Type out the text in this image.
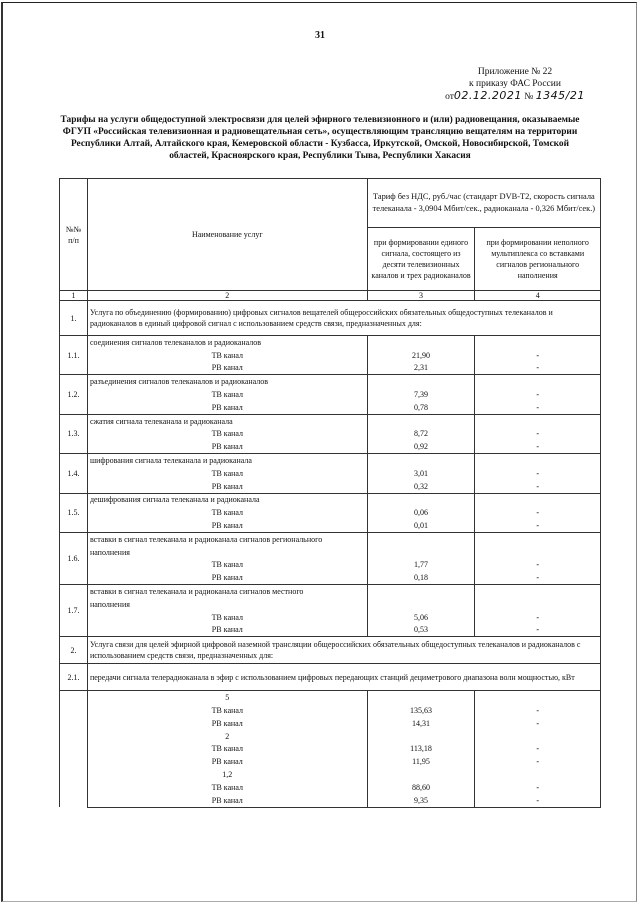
31
Приложение № 22
к приказу ФАС России
от02.12.2021 № 1345/21
Тарифы на услуги общедоступной электросвязи для целей эфирного телевизионного и (или) радиовещания, оказываемые ФГУП «Российская телевизионная и радиовещательная сеть», осуществляющим трансляцию вещателям на территории Республики Алтай, Алтайского края, Кемеровской области - Кузбасса, Иркутской, Омской, Новосибирской, Томской областей, Красноярского края, Республики Тыва, Республики Хакасия
№№ п/п	Наименование услуг	Тариф без НДС, руб./час (стандарт DVB-T2, скорость сигнала телеканала - 3,0904 Мбит/сек., радиоканала - 0,326 Мбит/сек.)	
		при формировании единого сигнала, состоящего из десяти телевизионных каналов и трех радиоканалов	при формировании неполного мультиплекса со вставками сигналов регионального наполнения
1	2	3	4
1.	Услуга по объединению (формированию) цифровых сигналов вещателей общероссийских обязательных общедоступных телеканалов и радиоканалов в единый цифровой сигнал с использованием средств связи, предназначенных для:		
1.1.	соединения сигналов телеканалов и радиоканалов		
	ТВ канал	21,90	-
	РВ канал	2,31	-
1.2.	разъединения сигналов телеканалов и радиоканалов		
	ТВ канал	7,39	-
	РВ канал	0,78	-
1.3.	сжатия сигнала телеканала и радиоканала		
	ТВ канал	8,72	-
	РВ канал	0,92	-
1.4.	шифрования сигнала телеканала и радиоканала		
	ТВ канал	3,01	-
	РВ канал	0,32	-
1.5.	дешифрования сигнала телеканала и радиоканала		
	ТВ канал	0,06	-
	РВ канал	0,01	-
1.6.	вставки в сигнал телеканала и радиоканала сигналов регионального		
	наполнения		
	ТВ канал	1,77	-
	РВ канал	0,18	-
1.7.	вставки в сигнал телеканала и радиоканала сигналов местного		
	наполнения		
	ТВ канал	5,06	-
	РВ канал	0,53	-
2.	Услуга связи для целей эфирной цифровой наземной трансляции общероссийских обязательных общедоступных телеканалов и радиоканалов с использованием средств связи, предназначенных для:		
2.1.	передачи сигнала телерадиоканала в эфир с использованием цифровых передающих станций дециметрового диапазона волн мощностью, кВт		
	5		
	ТВ канал	135,63	-
	РВ канал	14,31	-
	2		
	ТВ канал	113,18	-
	РВ канал	11,95	-
	1,2		
	ТВ канал	88,60	-
	РВ канал	9,35	-
